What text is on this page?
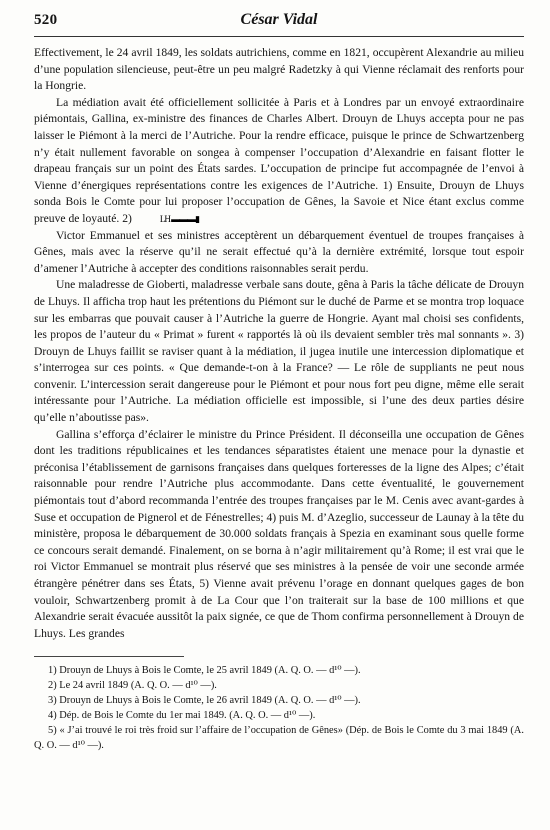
520	César Vidal

Effectivement, le 24 avril 1849, les soldats autrichiens, comme en 1821, occupèrent Alexandrie au milieu d’une population silencieuse, peut-être un peu malgré Radetzky à qui Vienne réclamait des renforts pour la Hongrie.

La médiation avait été officiellement sollicitée à Paris et à Londres par un envoyé extraordinaire piémontais, Gallina, ex-ministre des finances de Charles Albert. Drouyn de Lhuys accepta pour ne pas laisser le Piémont à la merci de l’Autriche. Pour la rendre efficace, puisque le prince de Schwartzenberg n’y était nullement favorable on songea à compenser l’occupation d’Alexandrie en faisant flotter le drapeau français sur un point des États sardes. L’occupation de principe fut accompagnée de l’envoi à Vienne d’énergiques représentations contre les exigences de l’Autriche. 1) Ensuite, Drouyn de Lhuys sonda Bois le Comte pour lui proposer l’occupation de Gênes, la Savoie et Nice étant exclus comme preuve de loyauté. 2)	LH ▬▬▬▮

Victor Emmanuel et ses ministres acceptèrent un débarquement éventuel de troupes françaises à Gênes, mais avec la réserve qu’il ne serait effectué qu’à la dernière extrémité, lorsque tout espoir d’amener l’Autriche à accepter des conditions raisonnables serait perdu.

Une maladresse de Gioberti, maladresse verbale sans doute, gêna à Paris la tâche délicate de Drouyn de Lhuys. Il afficha trop haut les prétentions du Piémont sur le duché de Parme et se montra trop loquace sur les embarras que pouvait causer à l’Autriche la guerre de Hongrie. Ayant mal choisi ses confidents, les propos de l’auteur du « Primat » furent « rapportés là où ils devaient sembler très mal sonnants ». 3) Drouyn de Lhuys faillit se raviser quant à la médiation, il jugea inutile une intercession diplomatique et s’interrogea sur ces points. « Que demande-t-on à la France? — Le rôle de suppliants ne peut nous convenir. L’intercession serait dangereuse pour le Piémont et pour nous fort peu digne, même elle serait intéressante pour l’Autriche. La médiation officielle est impossible, si l’une des deux parties désire qu’elle n’aboutisse pas».

Gallina s’efforça d’éclairer le ministre du Prince Président. Il déconseilla une occupation de Gênes dont les traditions républicaines et les tendances séparatistes étaient une menace pour la dynastie et préconisa l’établissement de garnisons françaises dans quelques forteresses de la ligne des Alpes; c’était raisonnable pour rendre l’Autriche plus accommodante. Dans cette éventualité, le gouvernement piémontais tout d’abord recommanda l’entrée des troupes françaises par le M. Cenis avec avant-gardes à Suse et occupation de Pignerol et de Fénestrelles; 4) puis M. d’Azeglio, successeur de Launay à la tête du ministère, proposa le débarquement de 30.000 soldats français à Spezia en examinant sous quelle forme ce concours serait demandé. Finalement, on se borna à n’agir militairement qu’à Rome; il est vrai que le roi Victor Emmanuel se montrait plus réservé que ses ministres à la pensée de voir une seconde armée étrangère pénétrer dans ses États, 5) Vienne avait prévenu l’orage en donnant quelques gages de bon vouloir, Schwartzenberg promit à de La Cour que l’on traiterait sur la base de 100 millions et que Alexandrie serait évacuée aussitôt la paix signée, ce que de Thom confirma personnellement à Drouyn de Lhuys. Les grandes

1) Drouyn de Lhuys à Bois le Comte, le 25 avril 1849 (A. Q. O. — d¹⁰ —).

2) Le 24 avril 1849 (A. Q. O. — d¹⁰ —).

3) Drouyn de Lhuys à Bois le Comte, le 26 avril 1849 (A. Q. O. — d¹⁰ —).

4) Dép. de Bois le Comte du 1er mai 1849. (A. Q. O. — d¹⁰ —).

5) « J’ai trouvé le roi très froid sur l’affaire de l’occupation de Gênes» (Dép. de Bois le Comte du 3 mai 1849 (A. Q. O. — d¹⁰ —).
